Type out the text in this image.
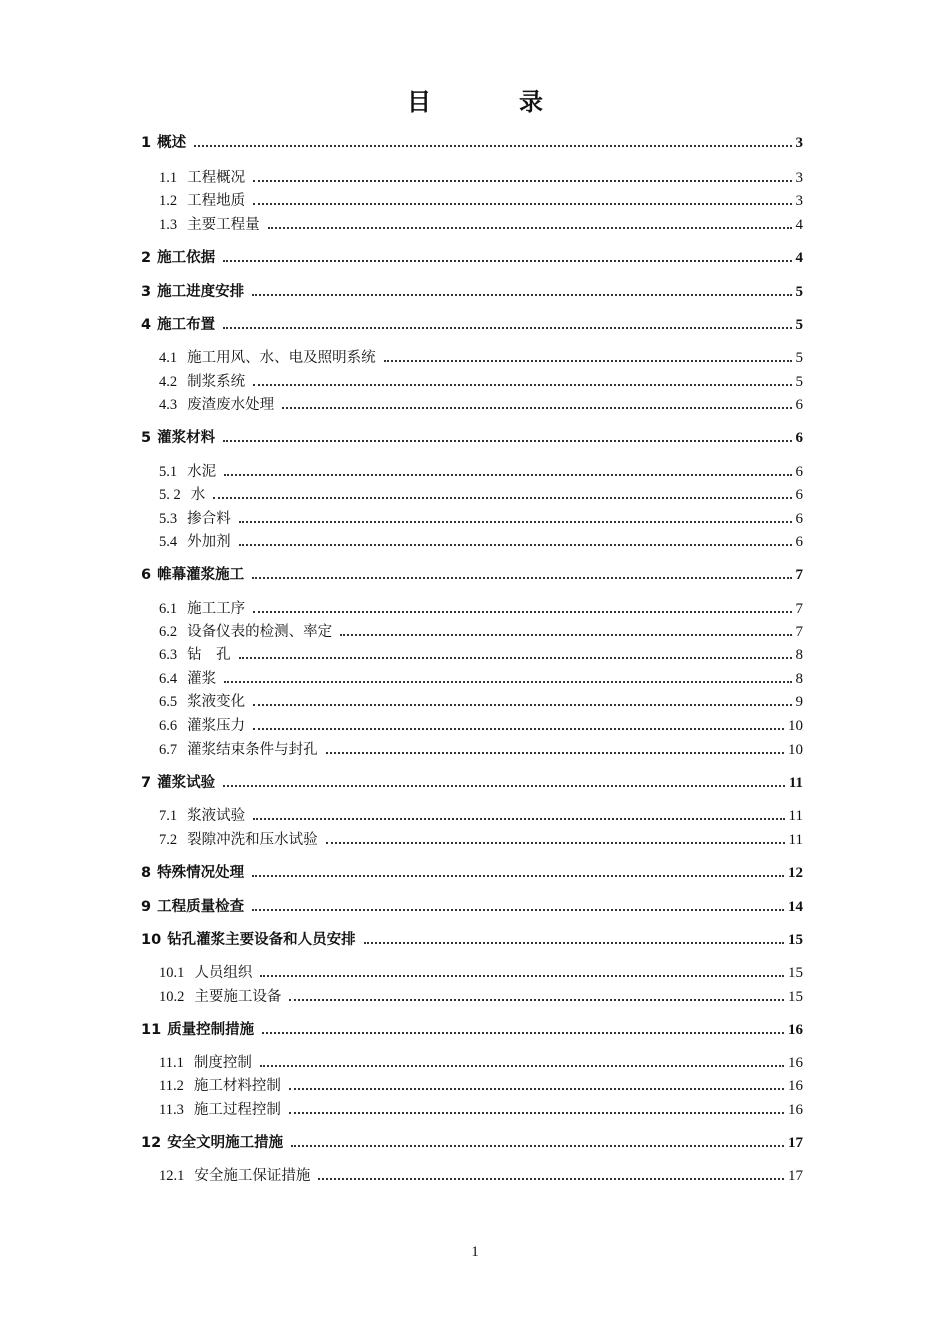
目　录
1 概述	3
1.1 工程概况	3
1.2 工程地质	3
1.3 主要工程量	4
2 施工依据	4
3 施工进度安排	5
4 施工布置	5
4.1 施工用风、水、电及照明系统	5
4.2 制浆系统	5
4.3 废渣废水处理	6
5 灌浆材料	6
5.1 水泥	6
5. 2 水	6
5.3 掺合料	6
5.4 外加剂	6
6 帷幕灌浆施工	7
6.1 施工工序	7
6.2 设备仪表的检测、率定	7
6.3 钻　孔	8
6.4 灌浆	8
6.5 浆液变化	9
6.6 灌浆压力	10
6.7 灌浆结束条件与封孔	10
7 灌浆试验	11
7.1 浆液试验	11
7.2 裂隙冲洗和压水试验	11
8 特殊情况处理	12
9 工程质量检查	14
10 钻孔灌浆主要设备和人员安排	15
10.1 人员组织	15
10.2 主要施工设备	15
11 质量控制措施	16
11.1 制度控制	16
11.2 施工材料控制	16
11.3 施工过程控制	16
12 安全文明施工措施	17
12.1 安全施工保证措施	17
1
